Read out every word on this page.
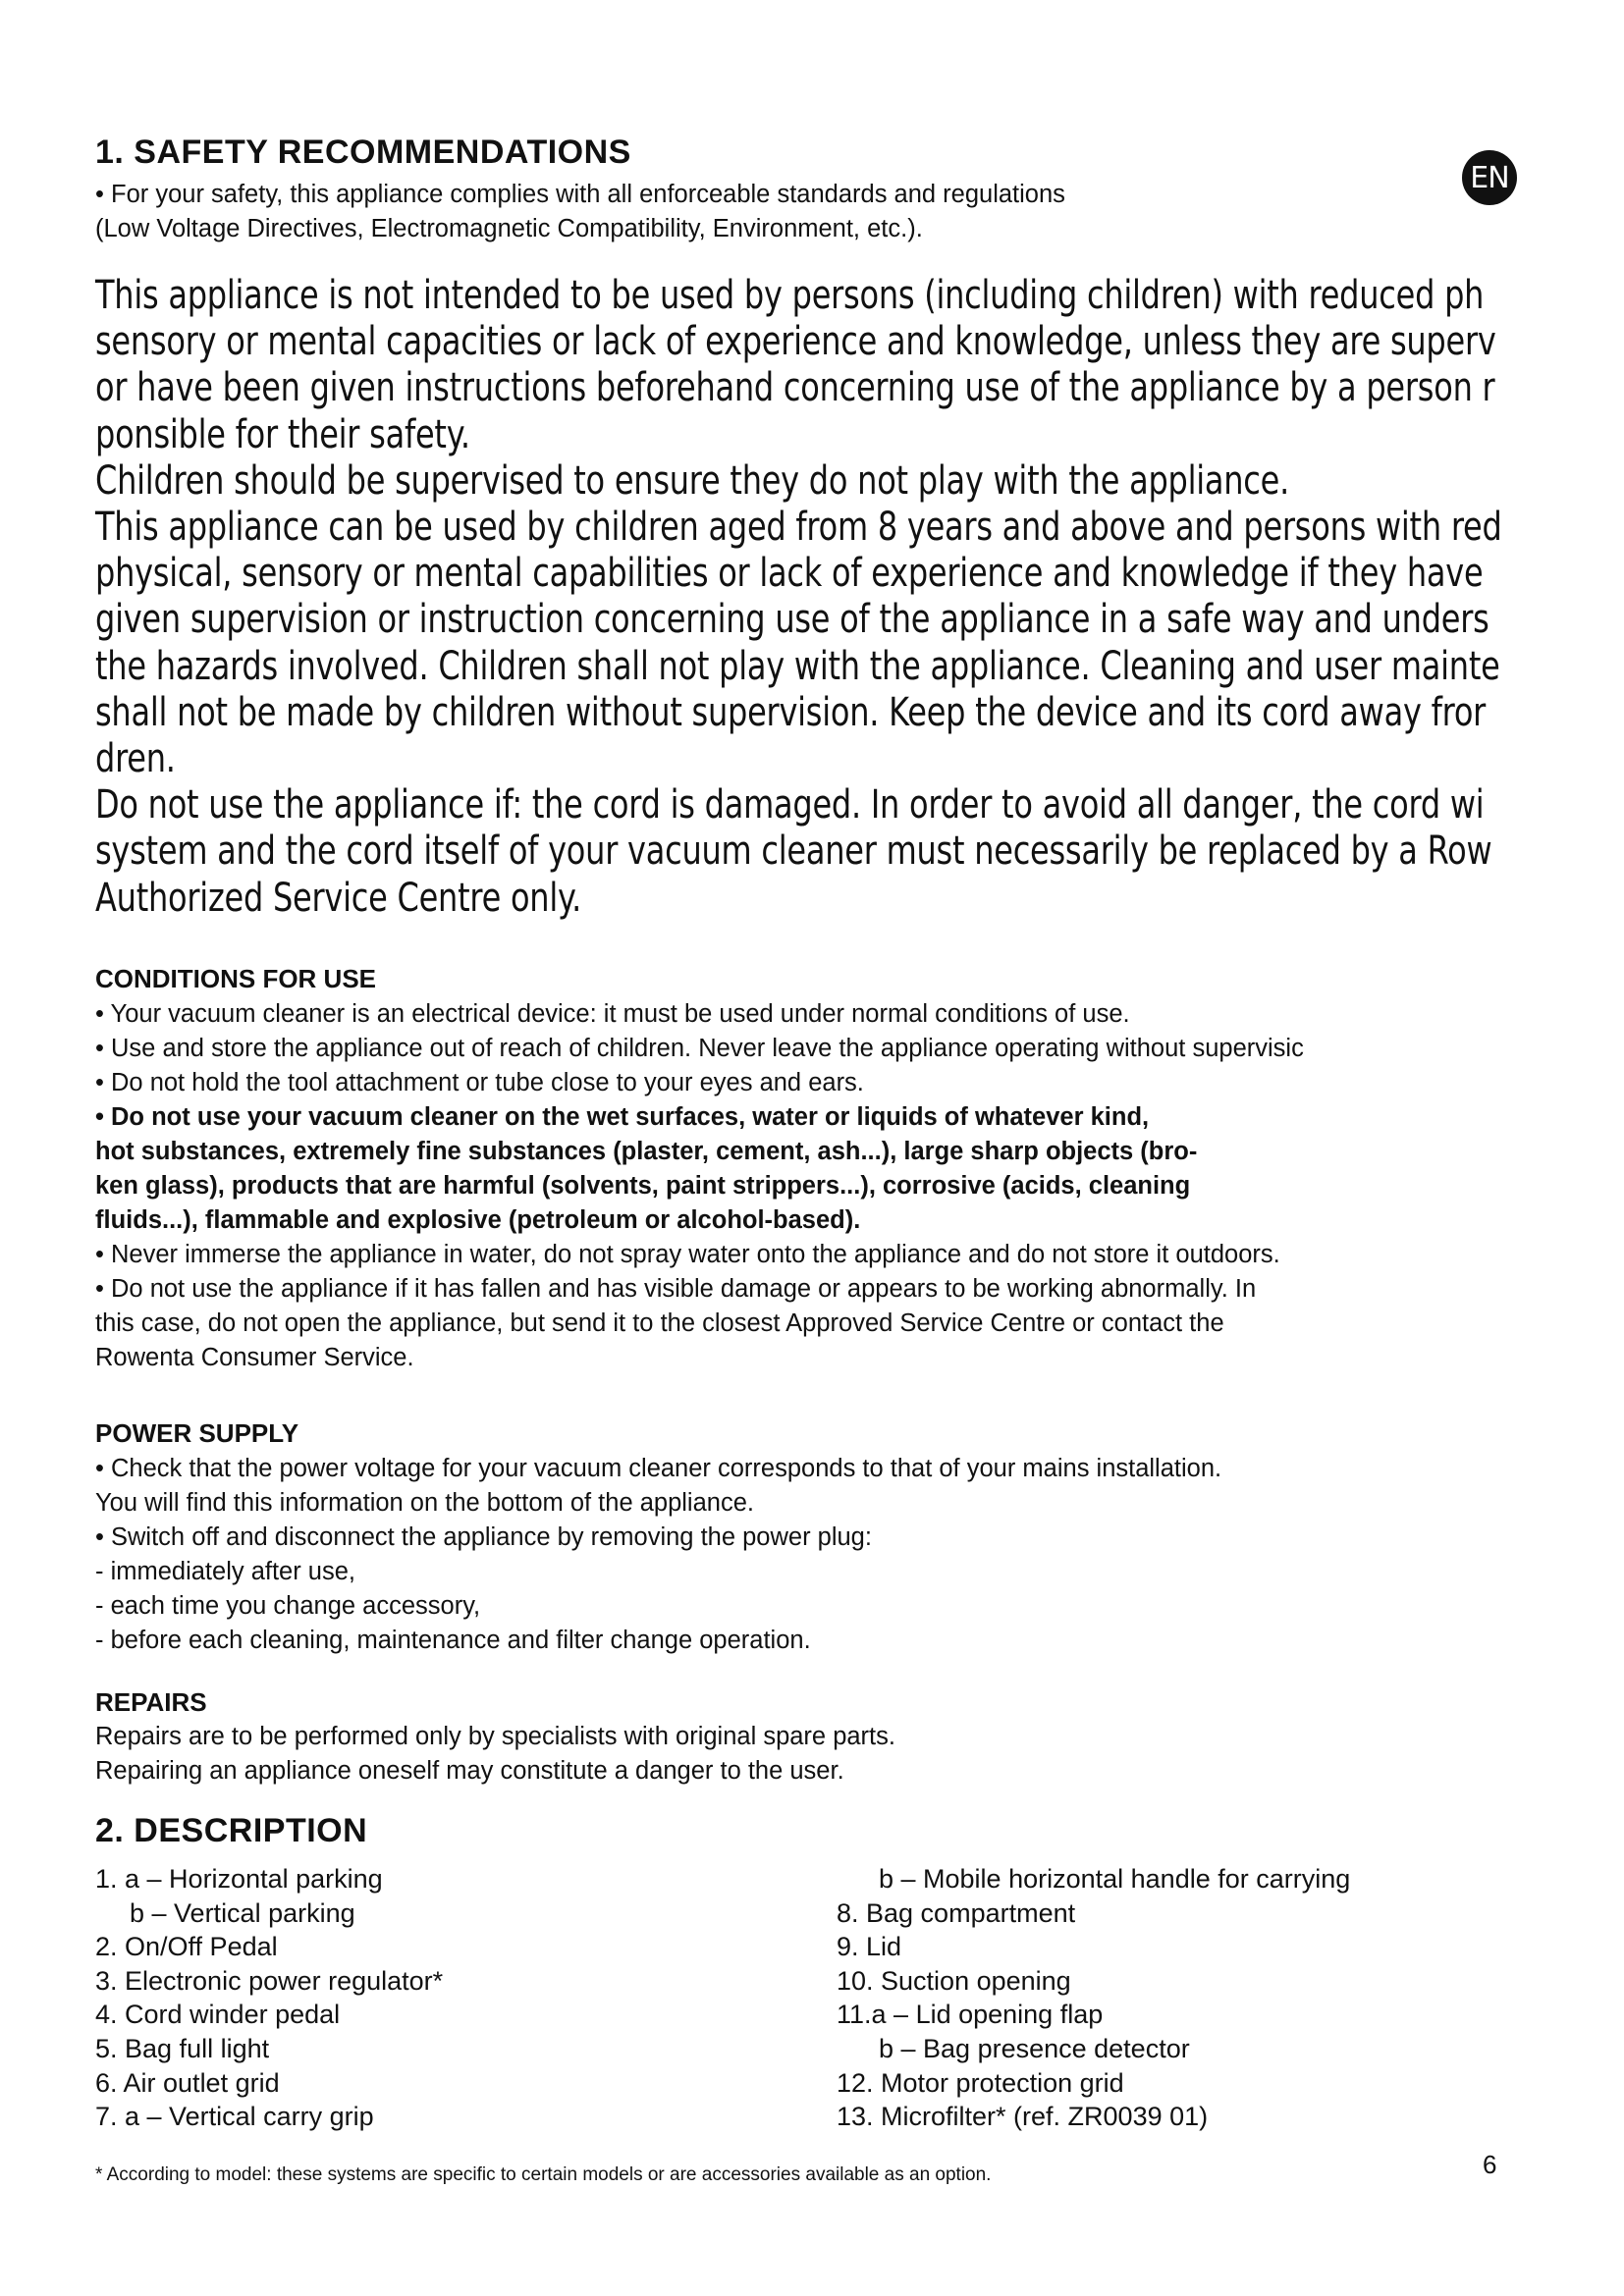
1. SAFETY RECOMMENDATIONS
EN
• For your safety, this appliance complies with all enforceable standards and regulations
(Low Voltage Directives, Electromagnetic Compatibility, Environment, etc.).
This appliance is not intended to be used by persons (including children) with reduced ph
sensory or mental capacities or lack of experience and knowledge, unless they are superv
or have been given instructions beforehand concerning use of the appliance by a person r
ponsible for their safety.
Children should be supervised to ensure they do not play with the appliance.
This appliance can be used by children aged from 8 years and above and persons with red
physical, sensory or mental capabilities or lack of experience and knowledge if they have
given supervision or instruction concerning use of the appliance in a safe way and unders
the hazards involved. Children shall not play with the appliance. Cleaning and user mainte
shall not be made by children without supervision. Keep the device and its cord away fror
dren.
Do not use the appliance if: the cord is damaged. In order to avoid all danger, the cord wi
system and the cord itself of your vacuum cleaner must necessarily be replaced by a Row
Authorized Service Centre only.
CONDITIONS FOR USE
• Your vacuum cleaner is an electrical device: it must be used under normal conditions of use.
• Use and store the appliance out of reach of children. Never leave the appliance operating without supervisic
• Do not hold the tool attachment or tube close to your eyes and ears.
• Do not use your vacuum cleaner on the wet surfaces, water or liquids of whatever kind,
hot substances, extremely fine substances (plaster, cement, ash...), large sharp objects (bro-
ken glass), products that are harmful (solvents, paint strippers...), corrosive (acids, cleaning
fluids...), flammable and explosive (petroleum or alcohol-based).
• Never immerse the appliance in water, do not spray water onto the appliance and do not store it outdoors.
• Do not use the appliance if it has fallen and has visible damage or appears to be working abnormally. In
this case, do not open the appliance, but send it to the closest Approved Service Centre or contact the
Rowenta Consumer Service.
POWER SUPPLY
• Check that the power voltage for your vacuum cleaner corresponds to that of your mains installation.
You will find this information on the bottom of the appliance.
• Switch off and disconnect the appliance by removing the power plug:
- immediately after use,
- each time you change accessory,
- before each cleaning, maintenance and filter change operation.
REPAIRS
Repairs are to be performed only by specialists with original spare parts.
Repairing an appliance oneself may constitute a danger to the user.
2. DESCRIPTION
1. a – Horizontal parking
b – Vertical parking
2. On/Off Pedal
3. Electronic power regulator*
4. Cord winder pedal
5. Bag full light
6. Air outlet grid
7. a – Vertical carry grip
b – Mobile horizontal handle for carrying
8. Bag compartment
9. Lid
10. Suction opening
11.a – Lid opening flap
b – Bag presence detector
12. Motor protection grid
13. Microfilter* (ref. ZR0039 01)
* According to model: these systems are specific to certain models or are accessories available as an option.	6
